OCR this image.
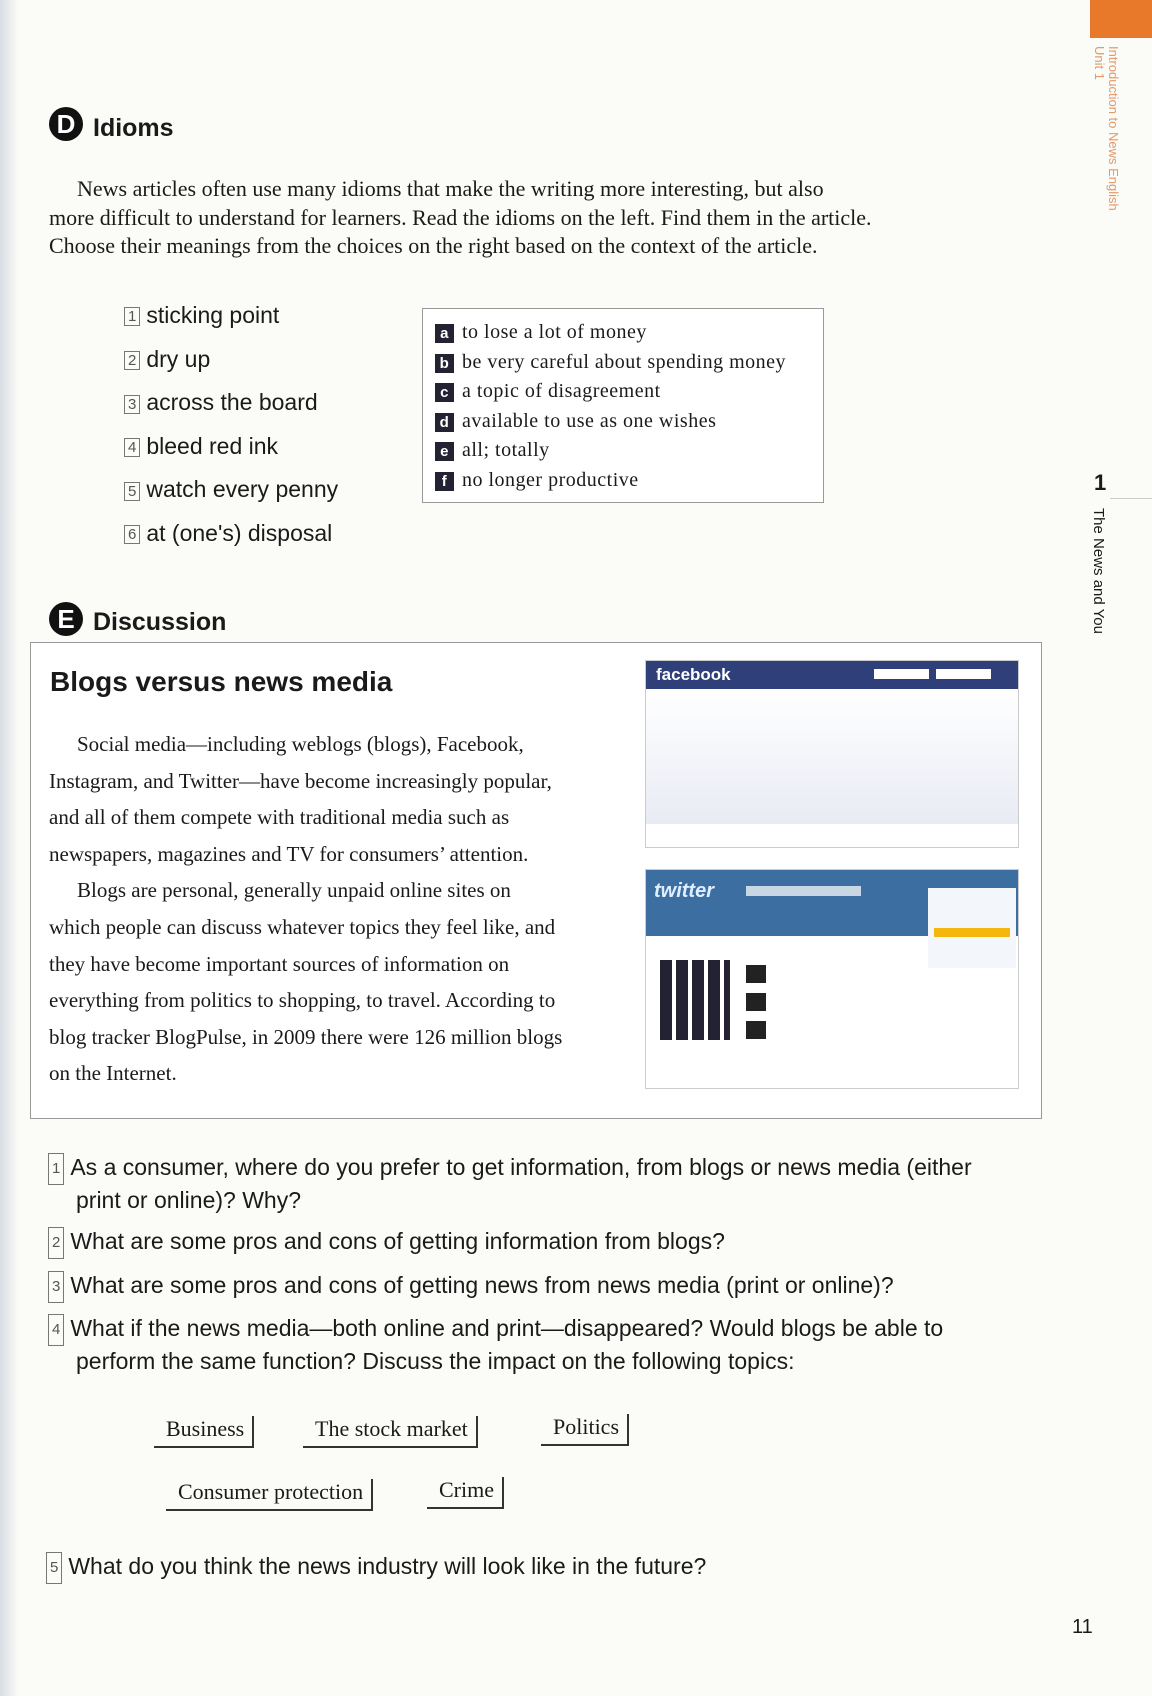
Unit 1 Introduction to News English
1
The News and You
D Idioms
News articles often use many idioms that make the writing more interesting, but also
more difficult to understand for learners. Read the idioms on the left. Find them in the article.
Choose their meanings from the choices on the right based on the context of the article.
1 sticking point
2 dry up
3 across the board
4 bleed red ink
5 watch every penny
6 at (one's) disposal
a to lose a lot of money
b be very careful about spending money
c a topic of disagreement
d available to use as one wishes
e all; totally
f no longer productive
E Discussion
Blogs versus news media
Social media—including weblogs (blogs), Facebook,
Instagram, and Twitter—have become increasingly popular,
and all of them compete with traditional media such as
newspapers, magazines and TV for consumers’ attention.
Blogs are personal, generally unpaid online sites on
which people can discuss whatever topics they feel like, and
they have become important sources of information on
everything from politics to shopping, to travel. According to
blog tracker BlogPulse, in 2009 there were 126 million blogs
on the Internet.
facebook
twitter
1 As a consumer, where do you prefer to get information, from blogs or news media (either
print or online)? Why?
2 What are some pros and cons of getting information from blogs?
3 What are some pros and cons of getting news from news media (print or online)?
4 What if the news media—both online and print—disappeared? Would blogs be able to
perform the same function? Discuss the impact on the following topics:
Business	The stock market	Politics
Consumer protection	Crime
5 What do you think the news industry will look like in the future?
11
